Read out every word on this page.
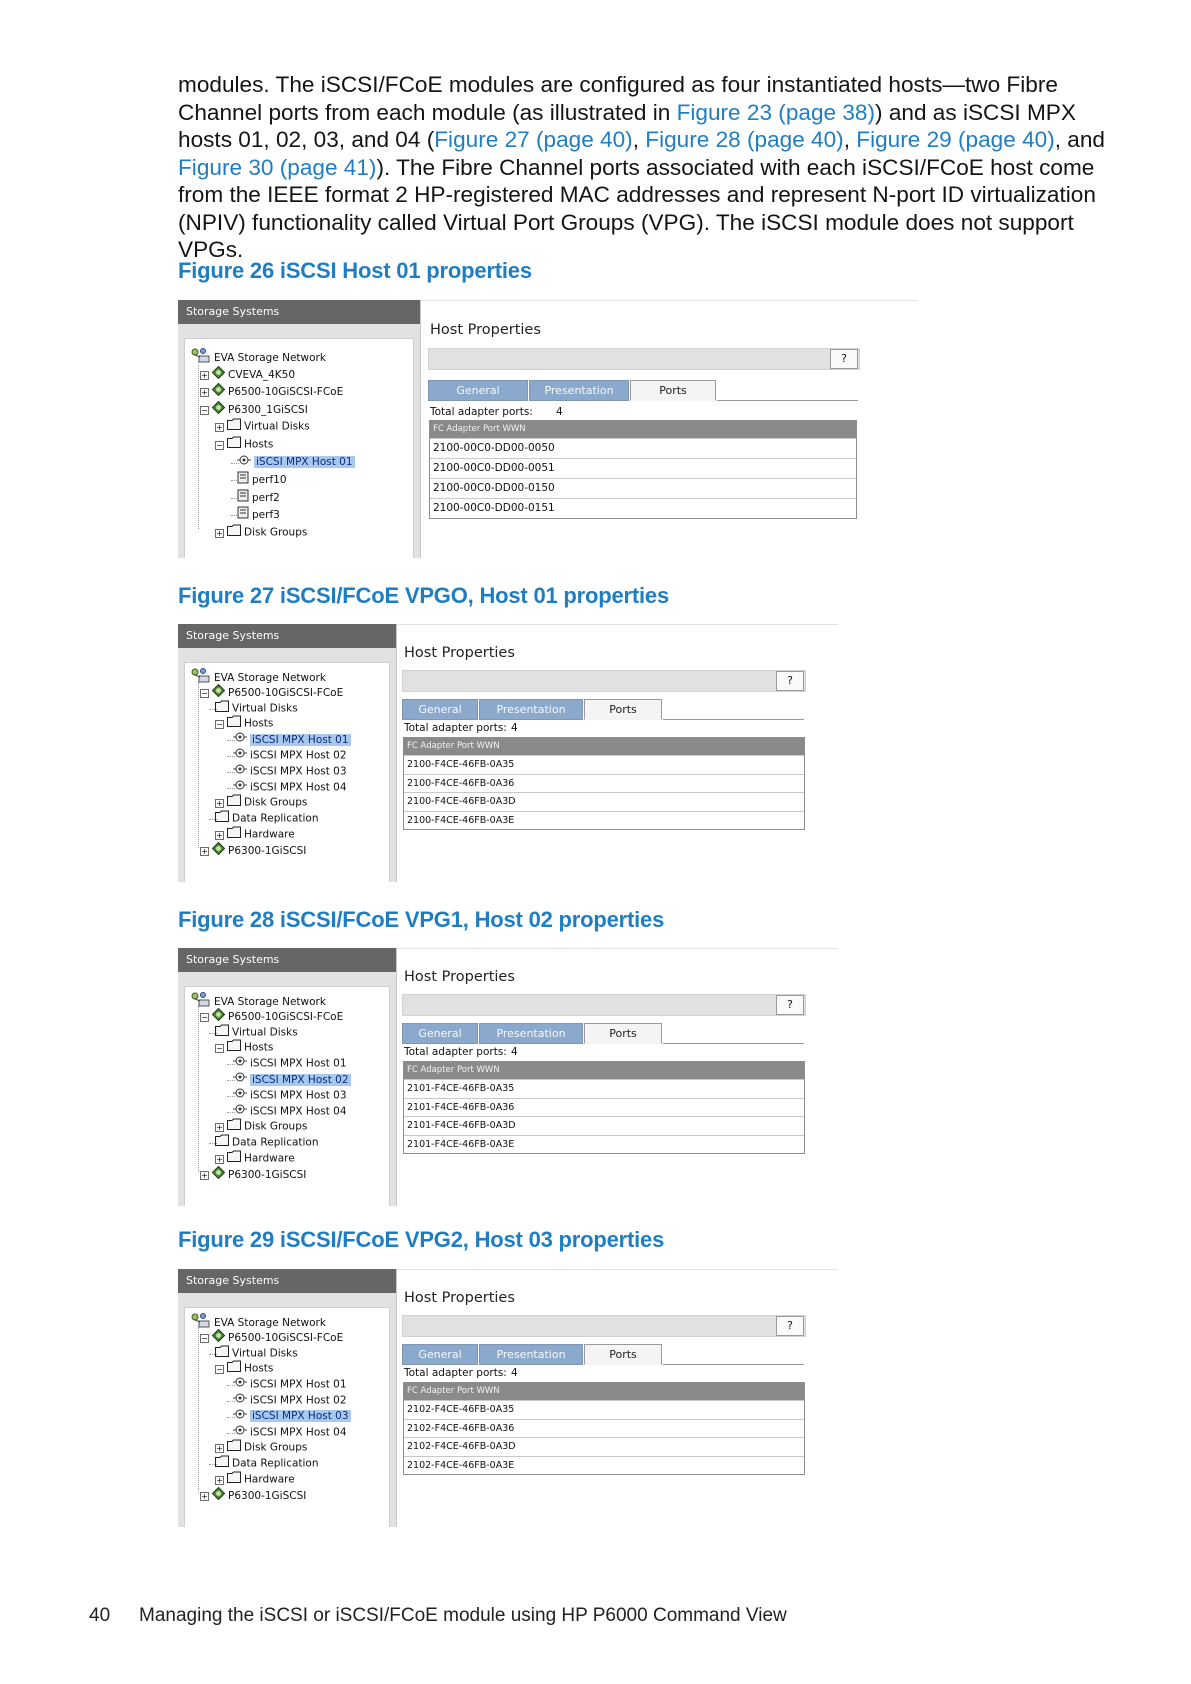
modules. The iSCSI/FCoE modules are configured as four instantiated hosts—two Fibre Channel ports from each module (as illustrated in Figure 23 (page 38)) and as iSCSI MPX hosts 01, 02, 03, and 04 (Figure 27 (page 40), Figure 28 (page 40), Figure 29 (page 40), and Figure 30 (page 41)). The Fibre Channel ports associated with each iSCSI/FCoE host come from the IEEE format 2 HP-registered MAC addresses and represent N-port ID virtualization (NPIV) functionality called Virtual Port Groups (VPG). The iSCSI module does not support VPGs.
Figure 26 iSCSI Host 01 properties
Figure 27 iSCSI/FCoE VPGO, Host 01 properties
Figure 28 iSCSI/FCoE VPG1, Host 02 properties
Figure 29 iSCSI/FCoE VPG2, Host 03 properties
Storage Systems
EVA Storage Network
+ CVEVA_4K50
+ P6500-10GiSCSI-FCoE
− P6300_1GiSCSI
+ Virtual Disks
− Hosts
iSCSI MPX Host 01
perf10
perf2
perf3
+ Disk Groups
Host Properties
?
General	Presentation	Ports
Total adapter ports: 4
FC Adapter Port WWN
2100-00C0-DD00-0050
2100-00C0-DD00-0051
2100-00C0-DD00-0150
2100-00C0-DD00-0151
Storage Systems
EVA Storage Network
− P6500-10GiSCSI-FCoE
Virtual Disks
− Hosts
iSCSI MPX Host 01
iSCSI MPX Host 02
iSCSI MPX Host 03
iSCSI MPX Host 04
+ Disk Groups
Data Replication
+ Hardware
+ P6300-1GiSCSI
Host Properties
?
General	Presentation	Ports
Total adapter ports: 4
FC Adapter Port WWN
2100-F4CE-46FB-0A35
2100-F4CE-46FB-0A36
2100-F4CE-46FB-0A3D
2100-F4CE-46FB-0A3E
Storage Systems
EVA Storage Network
− P6500-10GiSCSI-FCoE
Virtual Disks
− Hosts
iSCSI MPX Host 01
iSCSI MPX Host 02
iSCSI MPX Host 03
iSCSI MPX Host 04
+ Disk Groups
Data Replication
+ Hardware
+ P6300-1GiSCSI
Host Properties
?
General	Presentation	Ports
Total adapter ports: 4
FC Adapter Port WWN
2101-F4CE-46FB-0A35
2101-F4CE-46FB-0A36
2101-F4CE-46FB-0A3D
2101-F4CE-46FB-0A3E
Storage Systems
EVA Storage Network
− P6500-10GiSCSI-FCoE
Virtual Disks
− Hosts
iSCSI MPX Host 01
iSCSI MPX Host 02
iSCSI MPX Host 03
iSCSI MPX Host 04
+ Disk Groups
Data Replication
+ Hardware
+ P6300-1GiSCSI
Host Properties
?
General	Presentation	Ports
Total adapter ports: 4
FC Adapter Port WWN
2102-F4CE-46FB-0A35
2102-F4CE-46FB-0A36
2102-F4CE-46FB-0A3D
2102-F4CE-46FB-0A3E
40 Managing the iSCSI or iSCSI/FCoE module using HP P6000 Command View
